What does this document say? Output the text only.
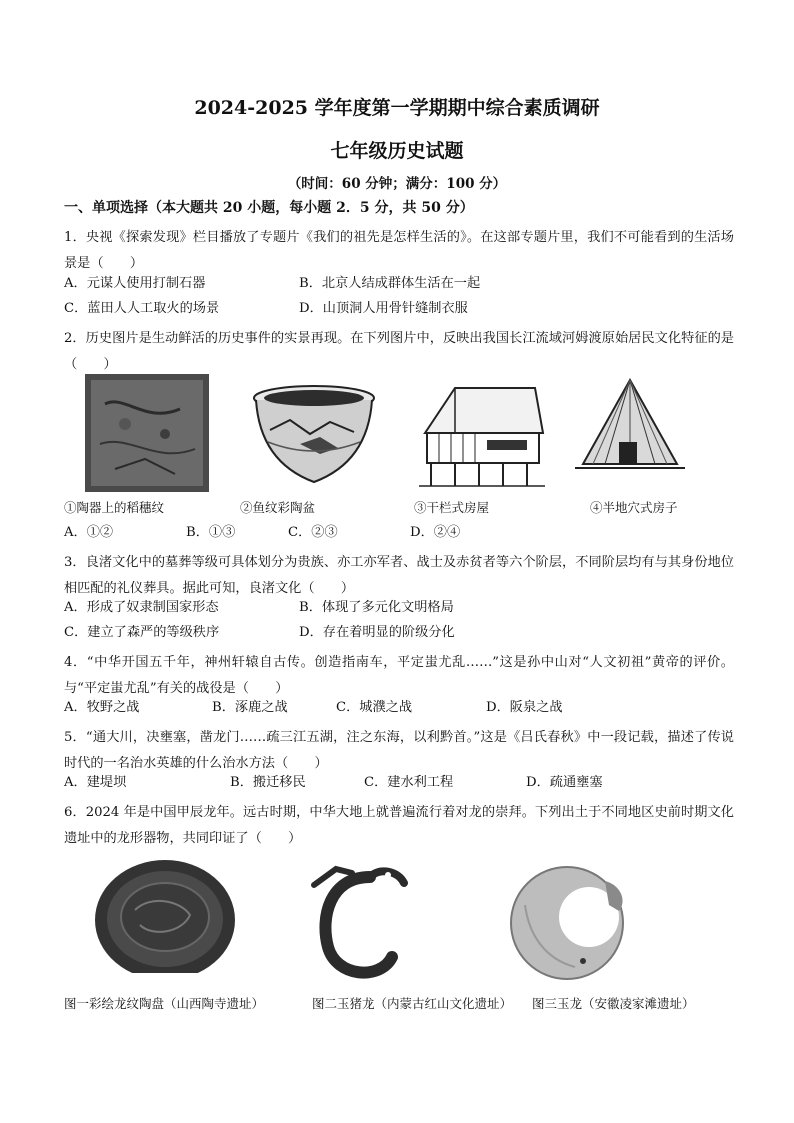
2024-2025 学年度第一学期期中综合素质调研
七年级历史试题
（时间：60 分钟；满分：100 分）
一、单项选择（本大题共 20 小题，每小题 2．5 分，共 50 分）
1．央视《探索发现》栏目播放了专题片《我们的祖先是怎样生活的》。在这部专题片里，我们不可能看到的生活场景是（　　）
A．元谋人使用打制石器	B．北京人结成群体生活在一起
C．蓝田人人工取火的场景	D．山顶洞人用骨针缝制衣服
2．历史图片是生动鲜活的历史事件的实景再现。在下列图片中，反映出我国长江流域河姆渡原始居民文化特征的是（　　）
①陶器上的稻穗纹	②鱼纹彩陶盆	③干栏式房屋	④半地穴式房子
A．①②	B．①③	C．②③	D．②④
3．良渚文化中的墓葬等级可具体划分为贵族、亦工亦军者、战士及赤贫者等六个阶层，不同阶层均有与其身份地位相匹配的礼仪葬具。据此可知，良渚文化（　　）
A．形成了奴隶制国家形态	B．体现了多元化文明格局
C．建立了森严的等级秩序	D．存在着明显的阶级分化
4．“中华开国五千年，神州轩辕自古传。创造指南车，平定蚩尤乱……”这是孙中山对“人文初祖”黄帝的评价。与“平定蚩尤乱”有关的战役是（　　）
A．牧野之战	B．涿鹿之战	C．城濮之战	D．阪泉之战
5．“通大川，决壅塞，凿龙门……疏三江五湖，注之东海，以利黔首。”这是《吕氏春秋》中一段记载，描述了传说时代的一名治水英雄的什么治水方法（　　）
A．建堤坝	B．搬迁移民	C．建水利工程	D．疏通壅塞
6．2024 年是中国甲辰龙年。远古时期，中华大地上就普遍流行着对龙的崇拜。下列出土于不同地区史前时期文化遗址中的龙形器物，共同印证了（　　）
图一彩绘龙纹陶盘（山西陶寺遗址）	图二玉猪龙（内蒙古红山文化遗址） 图三玉龙（安徽凌家滩遗址）
